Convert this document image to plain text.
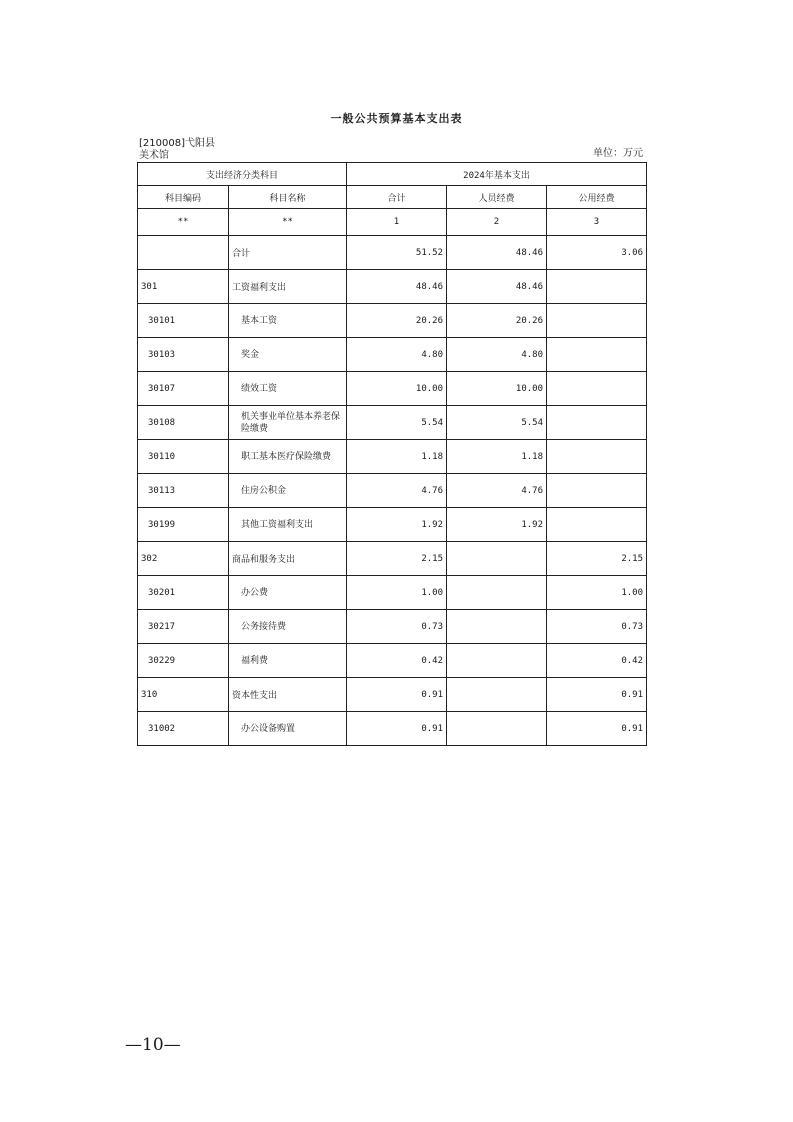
一般公共预算基本支出表
[210008]弋阳县
美术馆	单位：万元
支出经济分类科目		2024年基本支出		
科目编码	科目名称	合计	人员经费	公用经费
**	**	1	2	3
	合计	51.52	48.46	3.06
301	工资福利支出	48.46	48.46	
30101	基本工资	20.26	20.26	
30103	奖金	4.80	4.80	
30107	绩效工资	10.00	10.00	
30108	机关事业单位基本养老保险缴费	5.54	5.54	
30110	职工基本医疗保险缴费	1.18	1.18	
30113	住房公积金	4.76	4.76	
30199	其他工资福利支出	1.92	1.92	
302	商品和服务支出	2.15		2.15
30201	办公费	1.00		1.00
30217	公务接待费	0.73		0.73
30229	福利费	0.42		0.42
310	资本性支出	0.91		0.91
31002	办公设备购置	0.91		0.91
—10—
